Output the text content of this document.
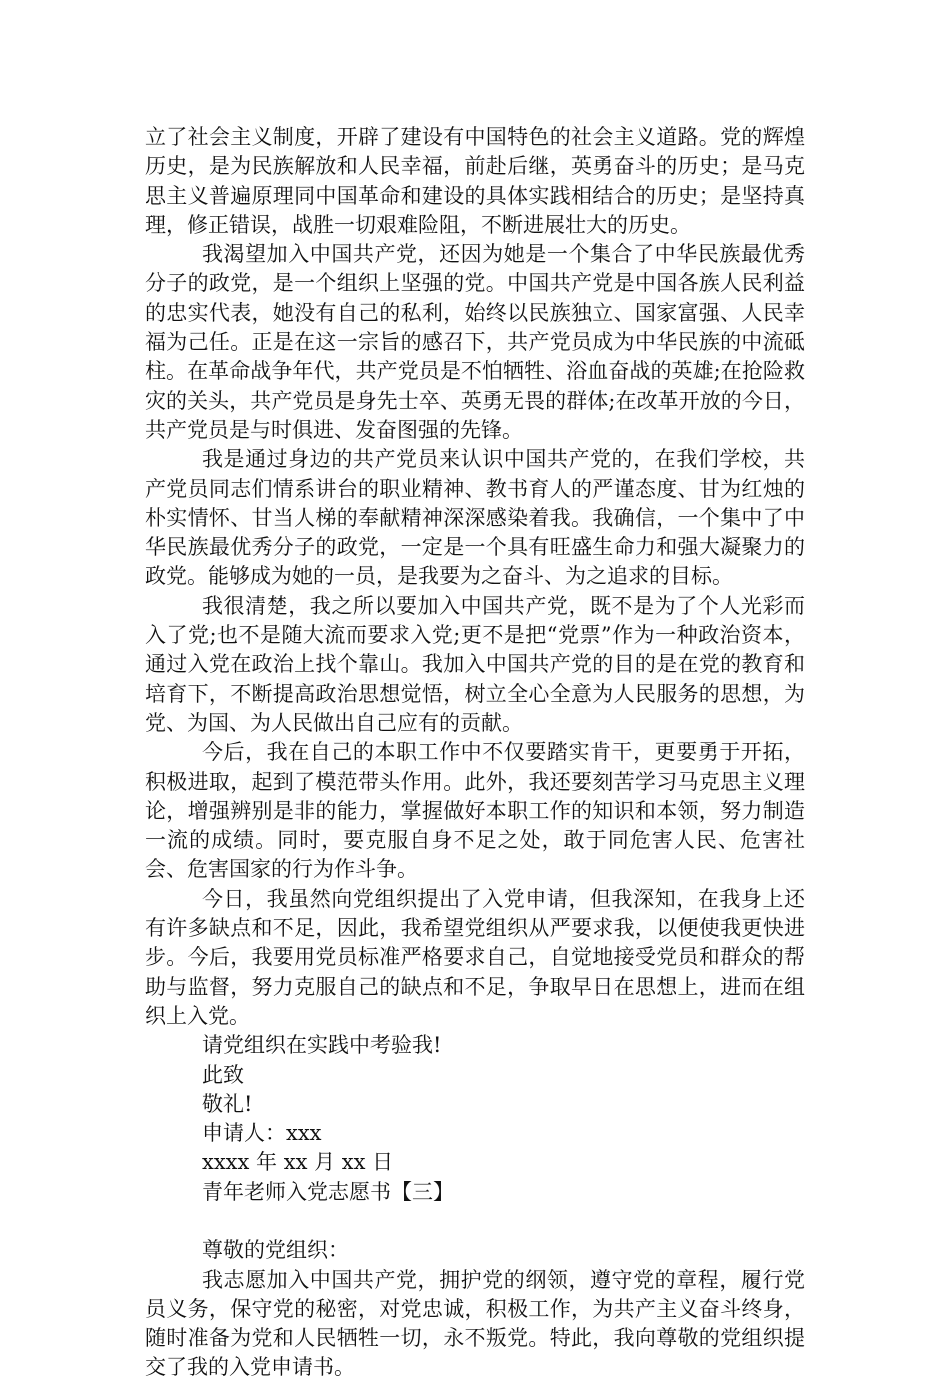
立了社会主义制度，开辟了建设有中国特色的社会主义道路。党的辉煌历史，是为民族解放和人民幸福，前赴后继，英勇奋斗的历史；是马克思主义普遍原理同中国革命和建设的具体实践相结合的历史；是坚持真理，修正错误，战胜一切艰难险阻，不断进展壮大的历史。

我渴望加入中国共产党，还因为她是一个集合了中华民族最优秀分子的政党，是一个组织上坚强的党。中国共产党是中国各族人民利益的忠实代表，她没有自己的私利，始终以民族独立、国家富强、人民幸福为己任。正是在这一宗旨的感召下，共产党员成为中华民族的中流砥柱。在革命战争年代，共产党员是不怕牺牲、浴血奋战的英雄;在抢险救灾的关头，共产党员是身先士卒、英勇无畏的群体;在改革开放的今日，共产党员是与时俱进、发奋图强的先锋。

我是通过身边的共产党员来认识中国共产党的，在我们学校，共产党员同志们情系讲台的职业精神、教书育人的严谨态度、甘为红烛的朴实情怀、甘当人梯的奉献精神深深感染着我。我确信，一个集中了中华民族最优秀分子的政党，一定是一个具有旺盛生命力和强大凝聚力的政党。能够成为她的一员，是我要为之奋斗、为之追求的目标。

我很清楚，我之所以要加入中国共产党，既不是为了个人光彩而入了党;也不是随大流而要求入党;更不是把“党票”作为一种政治资本，通过入党在政治上找个靠山。我加入中国共产党的目的是在党的教育和培育下，不断提高政治思想觉悟，树立全心全意为人民服务的思想，为党、为国、为人民做出自己应有的贡献。

今后，我在自己的本职工作中不仅要踏实肯干，更要勇于开拓，积极进取，起到了模范带头作用。此外，我还要刻苦学习马克思主义理论，增强辨别是非的能力，掌握做好本职工作的知识和本领，努力制造一流的成绩。同时，要克服自身不足之处，敢于同危害人民、危害社会、危害国家的行为作斗争。

今日，我虽然向党组织提出了入党申请，但我深知，在我身上还有许多缺点和不足，因此，我希望党组织从严要求我，以便使我更快进步。今后，我要用党员标准严格要求自己，自觉地接受党员和群众的帮助与监督，努力克服自己的缺点和不足，争取早日在思想上，进而在组织上入党。

请党组织在实践中考验我!
此致
敬礼!
申请人：xxx
xxxx 年 xx 月 xx 日
青年老师入党志愿书【三】
尊敬的党组织：

我志愿加入中国共产党，拥护党的纲领，遵守党的章程，履行党员义务，保守党的秘密，对党忠诚，积极工作，为共产主义奋斗终身，随时准备为党和人民牺牲一切，永不叛党。特此，我向尊敬的党组织提交了我的入党申请书。
